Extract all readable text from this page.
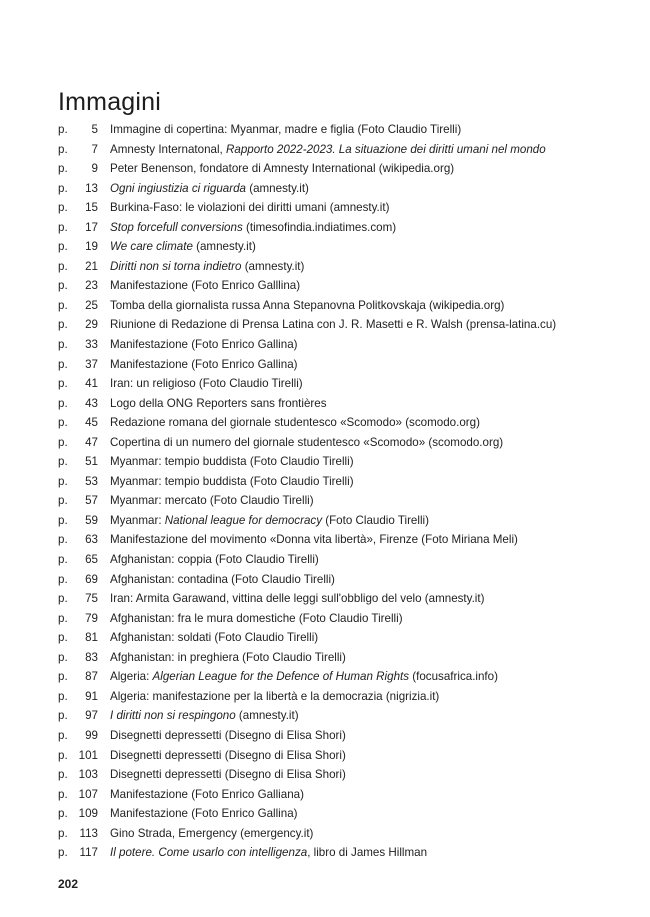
Immagini
p.	5 Immagine di copertina: Myanmar, madre e figlia (Foto Claudio Tirelli)
p.	7 Amnesty Internatonal, Rapporto 2022-2023. La situazione dei diritti umani nel mondo
p.	9 Peter Benenson, fondatore di Amnesty International (wikipedia.org)
p.	13 Ogni ingiustizia ci riguarda (amnesty.it)
p.	15 Burkina-Faso: le violazioni dei diritti umani (amnesty.it)
p.	17 Stop forcefull conversions (timesofindia.indiatimes.com)
p.	19 We care climate (amnesty.it)
p.	21 Diritti non si torna indietro (amnesty.it)
p.	23 Manifestazione (Foto Enrico Galllina)
p.	25 Tomba della giornalista russa Anna Stepanovna Politkovskaja (wikipedia.org)
p.	29 Riunione di Redazione di Prensa Latina con J. R. Masetti e R. Walsh (prensa-latina.cu)
p.	33 Manifestazione (Foto Enrico Gallina)
p.	37 Manifestazione (Foto Enrico Gallina)
p.	41 Iran: un religioso (Foto Claudio Tirelli)
p.	43 Logo della ONG Reporters sans frontières
p.	45 Redazione romana del giornale studentesco «Scomodo» (scomodo.org)
p.	47 Copertina di un numero del giornale studentesco «Scomodo» (scomodo.org)
p.	51 Myanmar: tempio buddista (Foto Claudio Tirelli)
p.	53 Myanmar: tempio buddista (Foto Claudio Tirelli)
p.	57 Myanmar: mercato (Foto Claudio Tirelli)
p.	59 Myanmar: National league for democracy (Foto Claudio Tirelli)
p.	63 Manifestazione del movimento «Donna vita libertà», Firenze (Foto Miriana Meli)
p.	65 Afghanistan: coppia (Foto Claudio Tirelli)
p.	69 Afghanistan: contadina (Foto Claudio Tirelli)
p.	75 Iran: Armita Garawand, vittina delle leggi sull'obbligo del velo (amnesty.it)
p.	79 Afghanistan: fra le mura domestiche (Foto Claudio Tirelli)
p.	81 Afghanistan: soldati (Foto Claudio Tirelli)
p.	83 Afghanistan: in preghiera (Foto Claudio Tirelli)
p.	87 Algeria: Algerian League for the Defence of Human Rights (focusafrica.info)
p.	91 Algeria: manifestazione per la libertà e la democrazia (nigrizia.it)
p.	97 I diritti non si respingono (amnesty.it)
p.	99 Disegnetti depressetti (Disegno di Elisa Shori)
p. 101 Disegnetti depressetti (Disegno di Elisa Shori)
p. 103 Disegnetti depressetti (Disegno di Elisa Shori)
p. 107 Manifestazione (Foto Enrico Galliana)
p. 109 Manifestazione (Foto Enrico Gallina)
p.	113 Gino Strada, Emergency (emergency.it)
p.	117 Il potere. Come usarlo con intelligenza, libro di James Hillman
202
